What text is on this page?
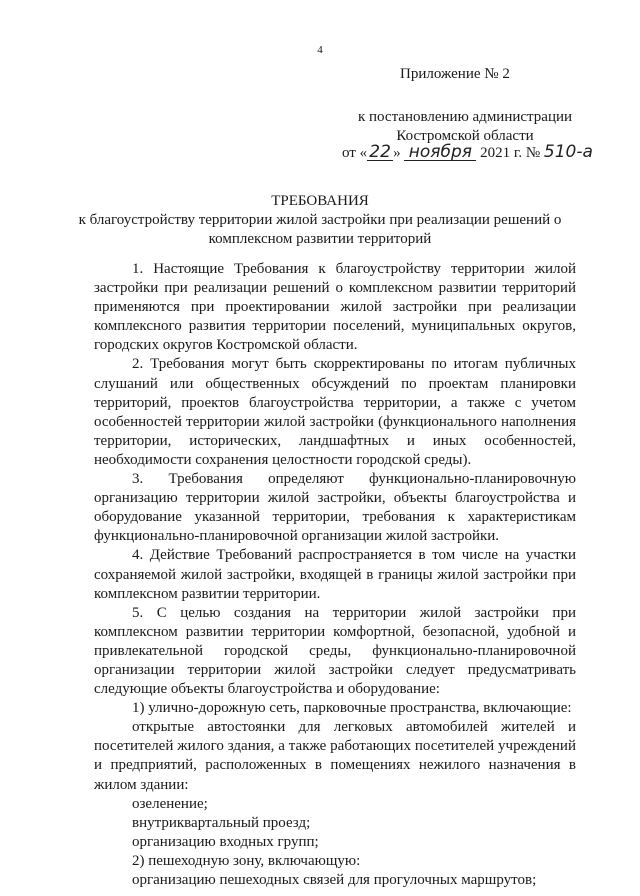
4
Приложение № 2
к постановлению администрации
Костромской области
от « 22 » ноября 2021 г. № 510-а
ТРЕБОВАНИЯ
к благоустройству территории жилой застройки при реализации решений о комплексном развитии территорий

1. Настоящие Требования к благоустройству территории жилой застройки при реализации решений о комплексном развитии территорий применяются при проектировании жилой застройки при реализации комплексного развития территории поселений, муниципальных округов, городских округов Костромской области.

2. Требования могут быть скорректированы по итогам публичных слушаний или общественных обсуждений по проектам планировки территорий, проектов благоустройства территории, а также с учетом особенностей территории жилой застройки (функционального наполнения территории, исторических, ландшафтных и иных особенностей, необходимости сохранения целостности городской среды).

3. Требования определяют функционально-планировочную организацию территории жилой застройки, объекты благоустройства и оборудование указанной территории, требования к характеристикам функционально-планировочной организации жилой застройки.

4. Действие Требований распространяется в том числе на участки сохраняемой жилой застройки, входящей в границы жилой застройки при комплексном развитии территории.

5. С целью создания на территории жилой застройки при комплексном развитии территории комфортной, безопасной, удобной и привлекательной городской среды, функционально-планировочной организации территории жилой застройки следует предусматривать следующие объекты благоустройства и оборудование:

1) улично-дорожную сеть, парковочные пространства, включающие:

открытые автостоянки для легковых автомобилей жителей и посетителей жилого здания, а также работающих посетителей учреждений и предприятий, расположенных в помещениях нежилого назначения в жилом здании:

озеленение;

внутриквартальный проезд;

организацию входных групп;

2) пешеходную зону, включающую:

организацию пешеходных связей для прогулочных маршрутов;
